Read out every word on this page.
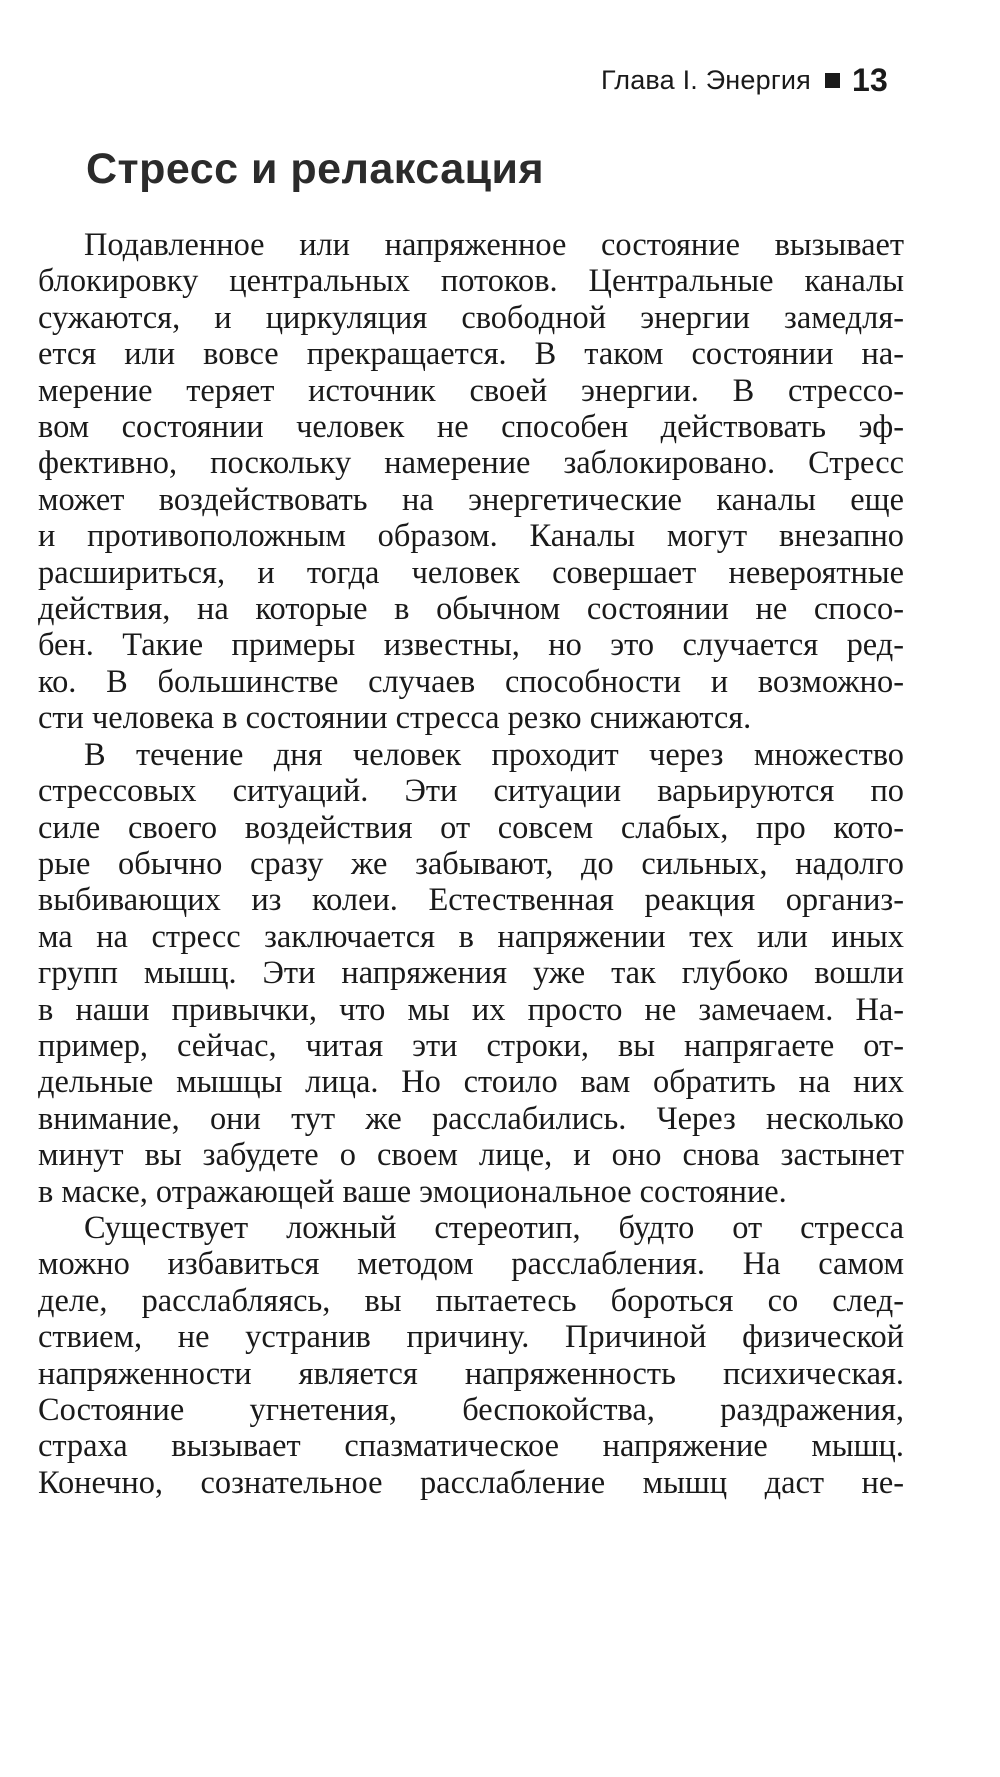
Глава I. Энергия 13
Стресс и релаксация

Подавленное или напряженное состояние вызывает
блокировку центральных потоков. Центральные каналы
сужаются, и циркуляция свободной энергии замедля-
ется или вовсе прекращается. В таком состоянии на-
мерение теряет источник своей энергии. В стрессо-
вом состоянии человек не способен действовать эф-
фективно, поскольку намерение заблокировано. Стресс
может воздействовать на энергетические каналы еще
и противоположным образом. Каналы могут внезапно
расшириться, и тогда человек совершает невероятные
действия, на которые в обычном состоянии не спосо-
бен. Такие примеры известны, но это случается ред-
ко. В большинстве случаев способности и возможно-
сти человека в состоянии стресса резко снижаются.

В течение дня человек проходит через множество
стрессовых ситуаций. Эти ситуации варьируются по
силе своего воздействия от совсем слабых, про кото-
рые обычно сразу же забывают, до сильных, надолго
выбивающих из колеи. Естественная реакция организ-
ма на стресс заключается в напряжении тех или иных
групп мышц. Эти напряжения уже так глубоко вошли
в наши привычки, что мы их просто не замечаем. На-
пример, сейчас, читая эти строки, вы напрягаете от-
дельные мышцы лица. Но стоило вам обратить на них
внимание, они тут же расслабились. Через несколько
минут вы забудете о своем лице, и оно снова застынет
в маске, отражающей ваше эмоциональное состояние.

Существует ложный стереотип, будто от стресса
можно избавиться методом расслабления. На самом
деле, расслабляясь, вы пытаетесь бороться со след-
ствием, не устранив причину. Причиной физической
напряженности является напряженность психическая.
Состояние угнетения, беспокойства, раздражения,
страха вызывает спазматическое напряжение мышц.
Конечно, сознательное расслабление мышц даст не-
